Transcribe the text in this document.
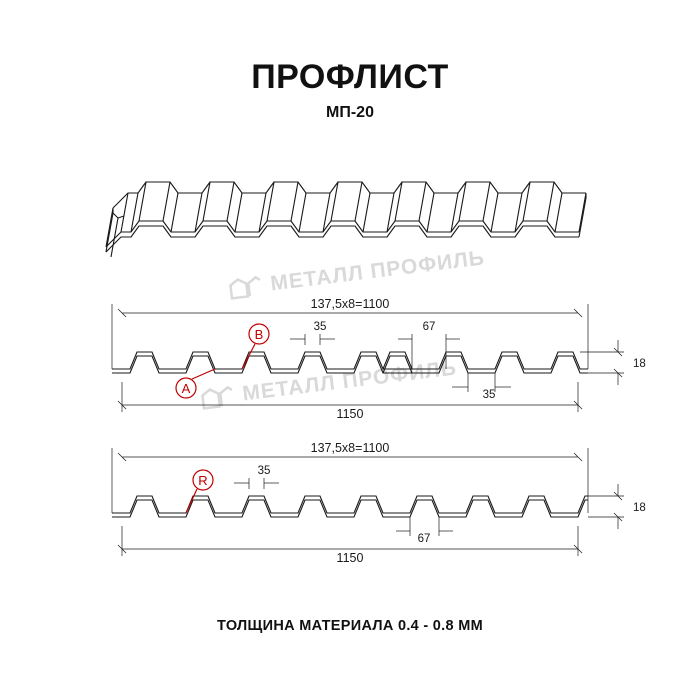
ПРОФЛИСТ
МП-20
МЕТАЛЛ ПРОФИЛЬ
МЕТАЛЛ ПРОФИЛЬ
137,5х8=1100
1150
35	67
35
18
A
B
137,5х8=1100
1150
35
67
18
R
ТОЛЩИНА МАТЕРИАЛА 0.4 - 0.8 ММ
